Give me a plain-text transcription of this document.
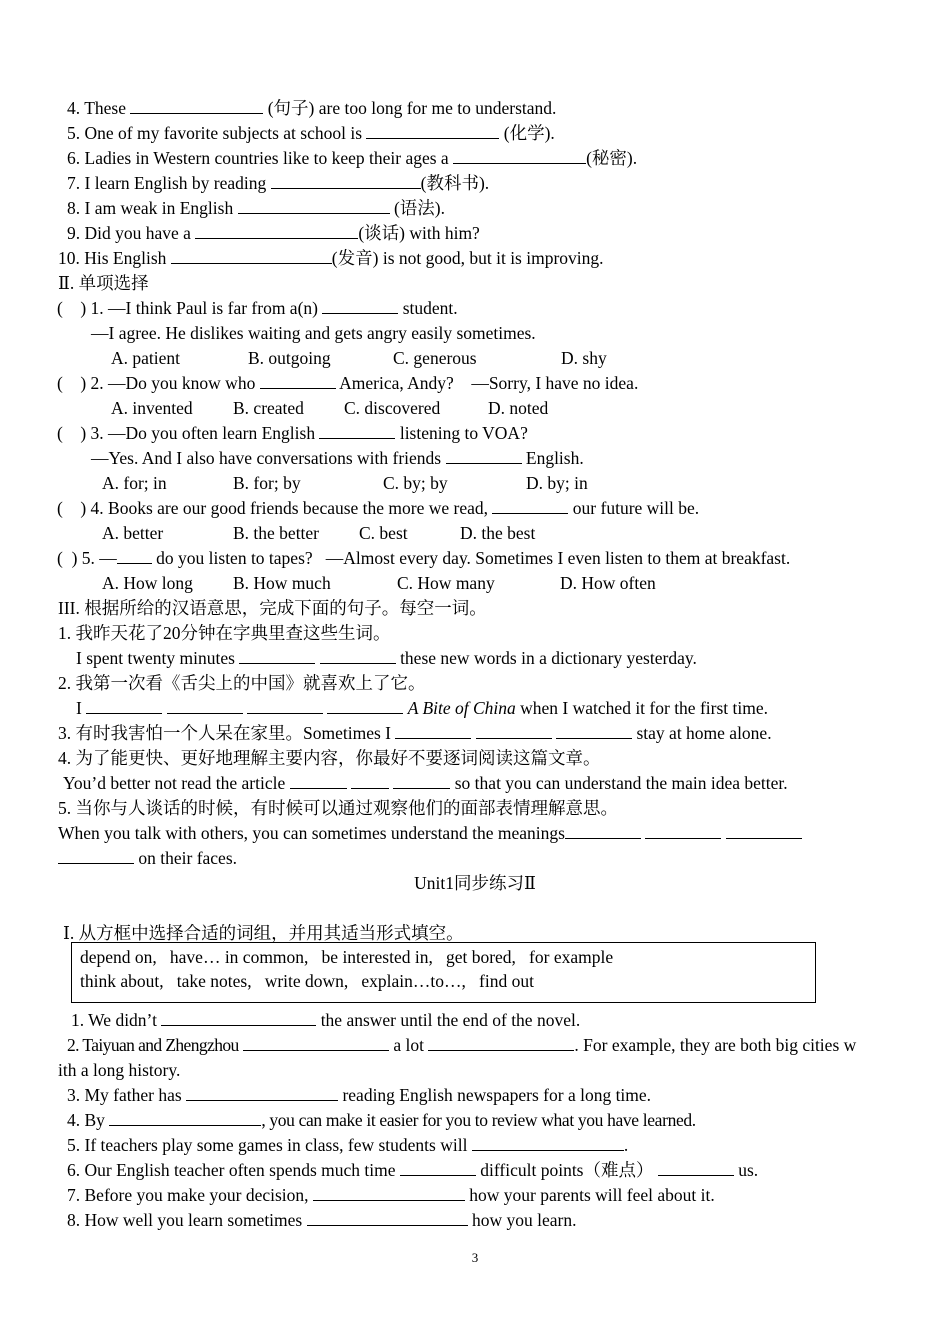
4. These	(句子) are too long for me to understand.
5. One of my favorite subjects at school is	(化学).
6. Ladies in Western countries like to keep their ages a	(秘密).
7. I learn English by reading	(教科书).
8. I am weak in English	(语法).
9. Did you have a	(谈话) with him?
10. His English	(发音) is not good, but it is improving.
Ⅱ. 单项选择
(    ) 1. —I think Paul is far from a(n)	student.
—I agree. He dislikes waiting and gets angry easily sometimes.
A. patient	B. outgoing	C. generous	D. shy
(    ) 2. —Do you know who	America, Andy? —Sorry, I have no idea.
A. invented B. created C. discovered	D. noted
(    ) 3. —Do you often learn English	listening to VOA?
—Yes. And I also have conversations with friends	English.
A. for; in	B. for; by	C. by; by	D. by; in
(    ) 4. Books are our good friends because the more we read,	our future will be.
A. better	B. the better C. best	D. the best
(  ) 5. — do you listen to tapes?   —Almost every day. Sometimes I even listen to them at breakfast.
A. How long B. How much	C. How many	D. How often
III. 根据所给的汉语意思，完成下面的句子。每空一词。
1. 我昨天花了20分钟在字典里查这些生词。
I spent twenty minutes	these new words in a dictionary yesterday.
2. 我第一次看《舌尖上的中国》就喜欢上了它。
I	A Bite of China when I watched it for the first time.
3. 有时我害怕一个人呆在家里。Sometimes I	stay at home alone.
4. 为了能更快、更好地理解主要内容，你最好不要逐词阅读这篇文章。
You’d better not read the article	so that you can understand the main idea better.
5. 当你与人谈话的时候，有时候可以通过观察他们的面部表情理解意思。
When you talk with others, you can sometimes understand the meanings
on their faces.
Unit1同步练习Ⅱ
Ⅰ. 从方框中选择合适的词组，并用其适当形式填空。
depend on,   have… in common,   be interested in,   get bored,   for example
think about,   take notes,   write down,   explain…to…,   find out
1. We didn’t	the answer until the end of the novel.
2. Taiyuan and Zhengzhou	a lot	. For example, they are both big cities w
ith a long history.
3. My father has	reading English newspapers for a long time.
4. By	, you can make it easier for you to review what you have learned.
5. If teachers play some games in class, few students will	.
6. Our English teacher often spends much time	difficult points（难点）	us.
7. Before you make your decision,	how your parents will feel about it.
8. How well you learn sometimes	how you learn.
3
